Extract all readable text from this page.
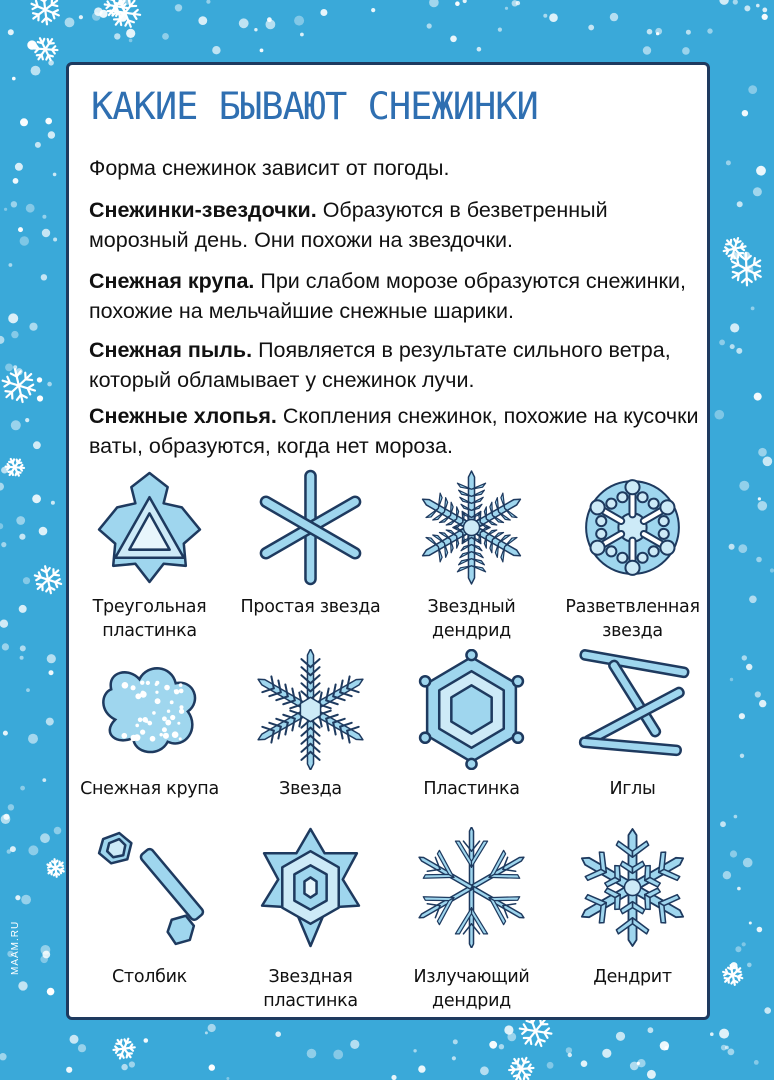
MAAM.RU
КАКИЕ БЫВАЮТ СНЕЖИНКИ
Форма снежинок зависит от погоды.
Снежинки-звездочки. Образуются в безветренный морозный день. Они похожи на звездочки.
Снежная крупа. При слабом морозе образуются снежинки, похожие на мельчайшие снежные шарики.
Снежная пыль. Появляется в результате сильного ветра, который обламывает у снежинок лучи.
Снежные хлопья. Скопления снежинок, похожие на кусочки ваты, образуются, когда нет мороза.
Треугольная пластинка
Простая звезда	Звездный дендрид
Разветвленная звезда
Снежная крупа	Звезда	Пластинка	Иглы
Столбик	Звездная пластинка
Излучающий дендрид
Дендрит
